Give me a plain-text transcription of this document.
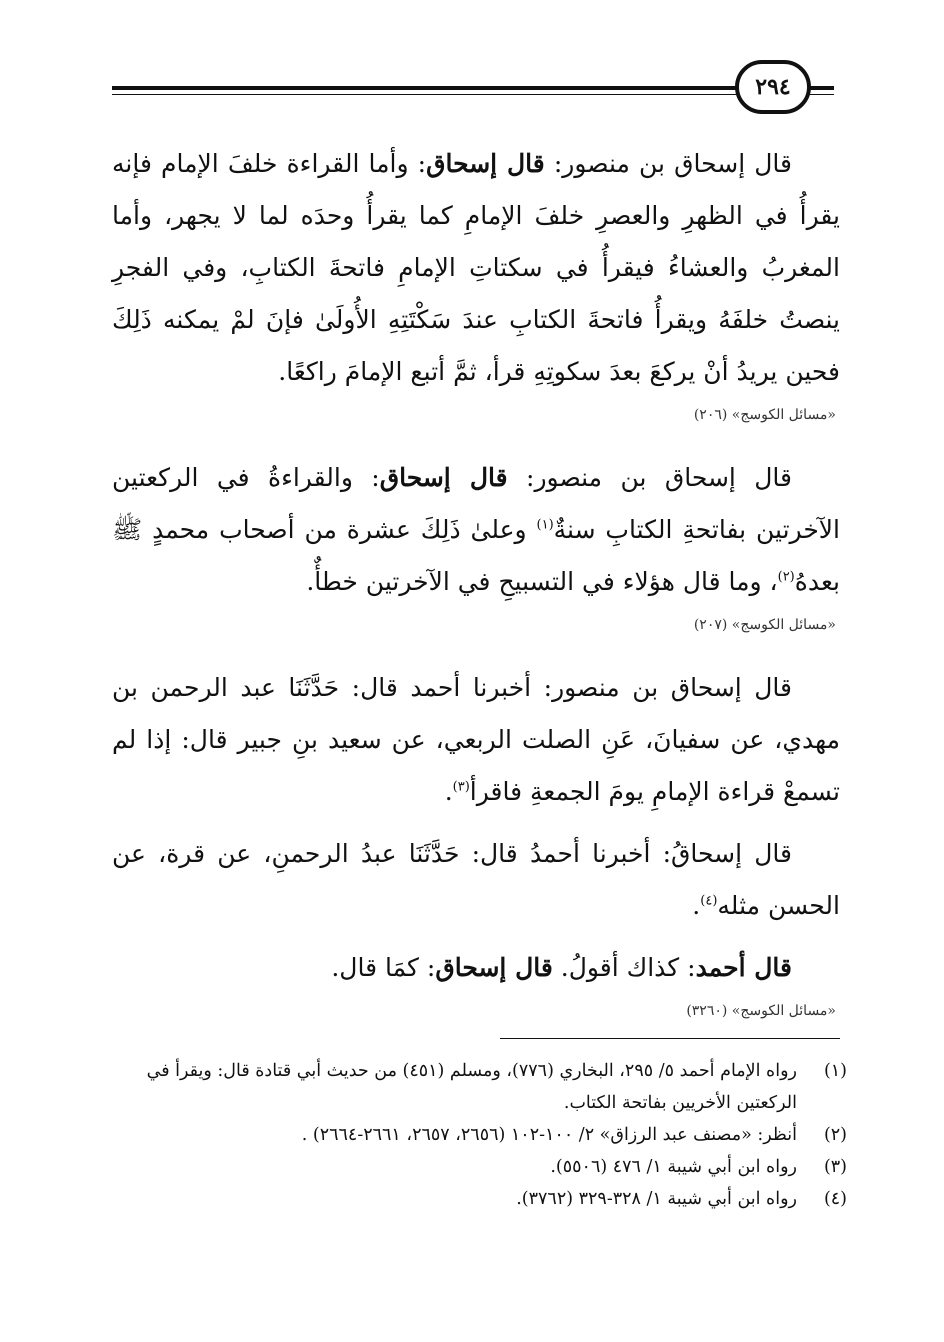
٢٩٤

قال إسحاق بن منصور: قال إسحاق: وأما القراءة خلفَ الإمام فإنه يقرأُ في الظهرِ والعصرِ خلفَ الإمامِ كما يقرأُ وحدَه لما لا يجهر، وأما المغربُ والعشاءُ فيقرأُ في سكتاتِ الإمامِ فاتحةَ الكتابِ، وفي الفجرِ ينصتُ خلفَهُ ويقرأُ فاتحةَ الكتابِ عندَ سَكْتَتِهِ الأُولَىٰ فإنَ لمْ يمكنه ذَلِكَ فحين يريدُ أنْ يركعَ بعدَ سكوتِهِ قرأ، ثمَّ أتبع الإمامَ راكعًا.

«مسائل الكوسج» (٢٠٦)

قال إسحاق بن منصور: قال إسحاق: والقراءةُ في الركعتين الآخرتين بفاتحةِ الكتابِ سنةٌ$^{(١)}$ وعلىٰ ذَلِكَ عشرة من أصحاب محمدٍ ﷺ بعدهُ$^{(٢)}$، وما قال هؤلاء في التسبيحِ في الآخرتين خطأٌ.

«مسائل الكوسج» (٢٠٧)

قال إسحاق بن منصور: أخبرنا أحمد قال: حَدَّثَنَا عبد الرحمن بن مهدي، عن سفيانَ، عَنِ الصلت الربعي، عن سعيد بنِ جبير قال: إذا لم تسمعْ قراءة الإمامِ يومَ الجمعةِ فاقرأ$^{(٣)}$.

قال إسحاقُ: أخبرنا أحمدُ قال: حَدَّثَنَا عبدُ الرحمنِ، عن قرة، عن الحسن مثله$^{(٤)}$.

قال أحمد: كذاك أقولُ. قال إسحاق: كمَا قال.

«مسائل الكوسج» (٣٢٦٠)
(١)
رواه الإمام أحمد ٥/ ٢٩٥، البخاري (٧٧٦)، ومسلم (٤٥١) من حديث أبي قتادة قال: ويقرأ في الركعتين الأخريين بفاتحة الكتاب.
(٢)
أنظر: «مصنف عبد الرزاق» ٢/ ١٠٠-١٠٢ (٢٦٥٦، ٢٦٥٧، ٢٦٦١-٢٦٦٤) .
(٣)
رواه ابن أبي شيبة ١/ ٤٧٦ (٥٥٠٦).
(٤)
رواه ابن أبي شيبة ١/ ٣٢٨-٣٢٩ (٣٧٦٢).
